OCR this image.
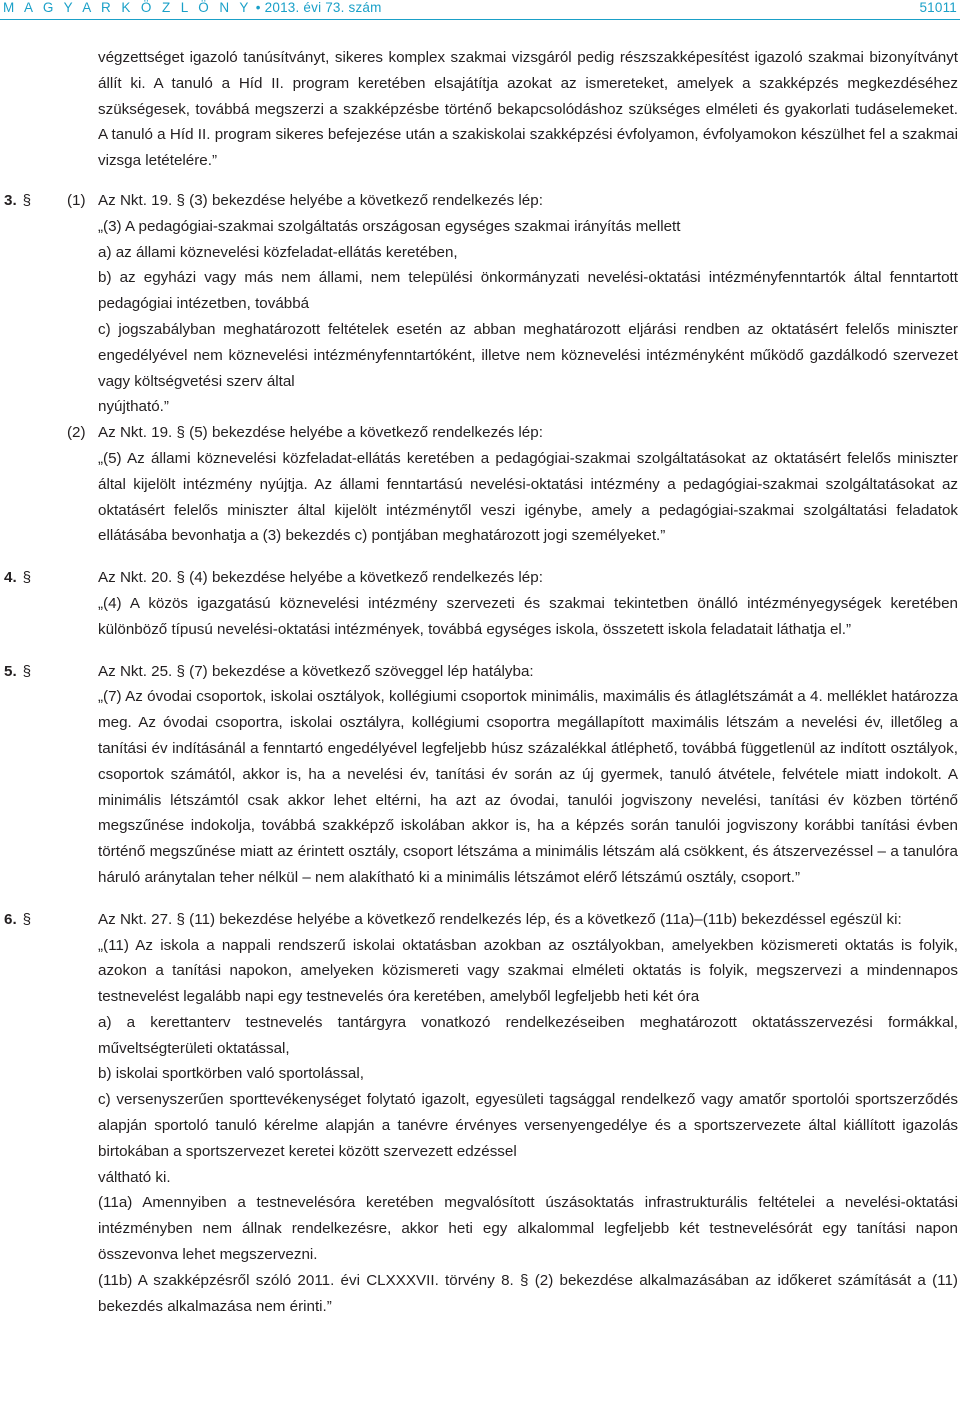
M A G Y A R K Ö Z L Ö N Y • 2013. évi 73. szám	51011

végzettséget igazoló tanúsítványt, sikeres komplex szakmai vizsgáról pedig részszakképesítést igazoló szakmai bizonyítványt állít ki. A tanuló a Híd II. program keretében elsajátítja azokat az ismereteket, amelyek a szakképzés megkezdéséhez szükségesek, továbbá megszerzi a szakképzésbe történő bekapcsolódáshoz szükséges elméleti és gyakorlati tudáselemeket. A tanuló a Híd II. program sikeres befejezése után a szakiskolai szakképzési évfolyamon, évfolyamokon készülhet fel a szakmai vizsga letételére.”

3. § (1) Az Nkt. 19. § (3) bekezdése helyébe a következő rendelkezés lép:

„(3) A pedagógiai-szakmai szolgáltatás országosan egységes szakmai irányítás mellett

a) az állami köznevelési közfeladat-ellátás keretében,

b) az egyházi vagy más nem állami, nem települési önkormányzati nevelési-oktatási intézményfenntartók által fenntartott pedagógiai intézetben, továbbá

c) jogszabályban meghatározott feltételek esetén az abban meghatározott eljárási rendben az oktatásért felelős miniszter engedélyével nem köznevelési intézményfenntartóként, illetve nem köznevelési intézményként működő gazdálkodó szervezet vagy költségvetési szerv által

nyújtható.”

(2) Az Nkt. 19. § (5) bekezdése helyébe a következő rendelkezés lép:

„(5) Az állami köznevelési közfeladat-ellátás keretében a pedagógiai-szakmai szolgáltatásokat az oktatásért felelős miniszter által kijelölt intézmény nyújtja. Az állami fenntartású nevelési-oktatási intézmény a pedagógiai-szakmai szolgáltatásokat az oktatásért felelős miniszter által kijelölt intézménytől veszi igénybe, amely a pedagógiai-szakmai szolgáltatási feladatok ellátásába bevonhatja a (3) bekezdés c) pontjában meghatározott jogi személyeket.”

4. §	Az Nkt. 20. § (4) bekezdése helyébe a következő rendelkezés lép:

„(4) A közös igazgatású köznevelési intézmény szervezeti és szakmai tekintetben önálló intézményegységek keretében különböző típusú nevelési-oktatási intézmények, továbbá egységes iskola, összetett iskola feladatait láthatja el.”

5. §	Az Nkt. 25. § (7) bekezdése a következő szöveggel lép hatályba:

„(7) Az óvodai csoportok, iskolai osztályok, kollégiumi csoportok minimális, maximális és átlaglétszámát a 4. melléklet határozza meg. Az óvodai csoportra, iskolai osztályra, kollégiumi csoportra megállapított maximális létszám a nevelési év, illetőleg a tanítási év indításánál a fenntartó engedélyével legfeljebb húsz százalékkal átléphető, továbbá függetlenül az indított osztályok, csoportok számától, akkor is, ha a nevelési év, tanítási év során az új gyermek, tanuló átvétele, felvétele miatt indokolt. A minimális létszámtól csak akkor lehet eltérni, ha azt az óvodai, tanulói jogviszony nevelési, tanítási év közben történő megszűnése indokolja, továbbá szakképző iskolában akkor is, ha a képzés során tanulói jogviszony korábbi tanítási évben történő megszűnése miatt az érintett osztály, csoport létszáma a minimális létszám alá csökkent, és átszervezéssel – a tanulóra háruló aránytalan teher nélkül – nem alakítható ki a minimális létszámot elérő létszámú osztály, csoport.”

6. §	Az Nkt. 27. § (11) bekezdése helyébe a következő rendelkezés lép, és a következő (11a)–(11b) bekezdéssel egészül ki:

„(11) Az iskola a nappali rendszerű iskolai oktatásban azokban az osztályokban, amelyekben közismereti oktatás is folyik, azokon a tanítási napokon, amelyeken közismereti vagy szakmai elméleti oktatás is folyik, megszervezi a mindennapos testnevelést legalább napi egy testnevelés óra keretében, amelyből legfeljebb heti két óra

a) a kerettanterv testnevelés tantárgyra vonatkozó rendelkezéseiben meghatározott oktatásszervezési formákkal, műveltségterületi oktatással,

b) iskolai sportkörben való sportolással,

c) versenyszerűen sporttevékenységet folytató igazolt, egyesületi tagsággal rendelkező vagy amatőr sportolói sportszerződés alapján sportoló tanuló kérelme alapján a tanévre érvényes versenyengedélye és a sportszervezete által kiállított igazolás birtokában a sportszervezet keretei között szervezett edzéssel

váltható ki.

(11a) Amennyiben a testnevelésóra keretében megvalósított úszásoktatás infrastrukturális feltételei a nevelési-oktatási intézményben nem állnak rendelkezésre, akkor heti egy alkalommal legfeljebb két testnevelésórát egy tanítási napon összevonva lehet megszervezni.

(11b) A szakképzésről szóló 2011. évi CLXXXVII. törvény 8. § (2) bekezdése alkalmazásában az időkeret számítását a (11) bekezdés alkalmazása nem érinti.”
